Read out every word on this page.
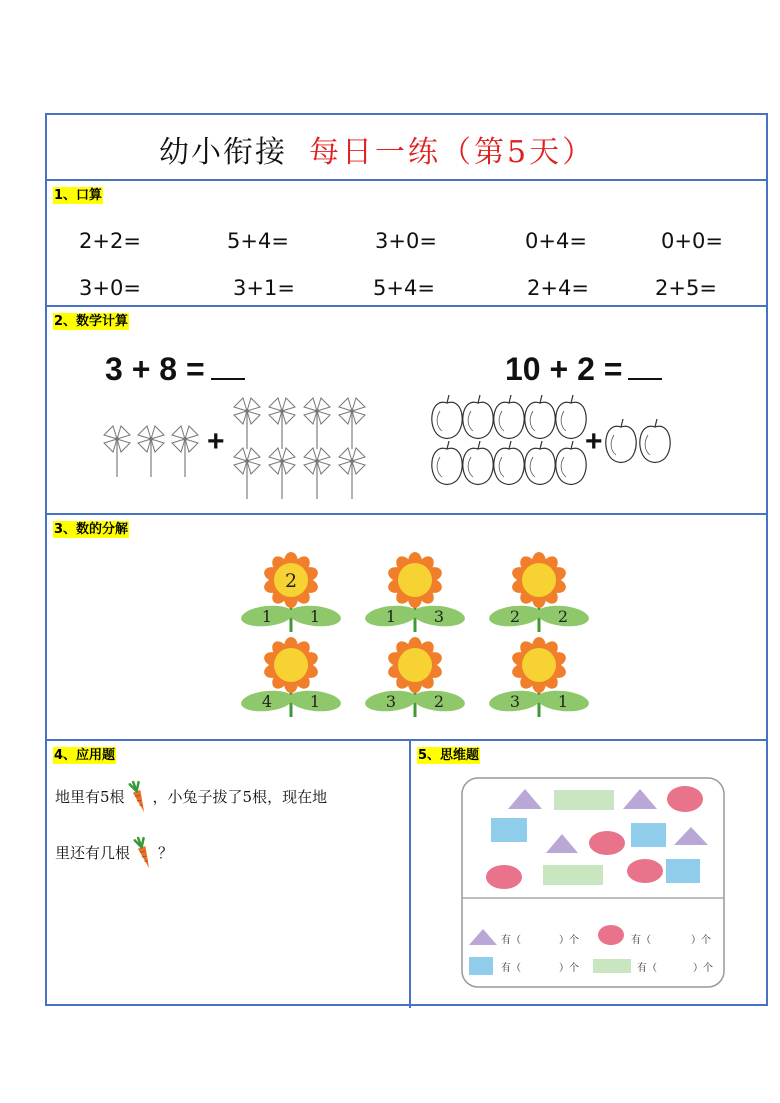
幼小衔接 每日一练（第5天）
1、口算
2+2=	5+4=	3+0=	0+4=	0+0=
3+0=	3+1=	5+4=	2+4=	2+5=
2、数学计算
3 + 8 =	10 + 2 =
+	+
3、数的分解
2
1 1	1 3	2 2
4 1	3 2	3 1
4、应用题
地里有5根 ，小兔子拔了5根，现在地
里还有几根 ？
5、思维题
有（	）个	有（	）个
有（	）个	有（	）个
